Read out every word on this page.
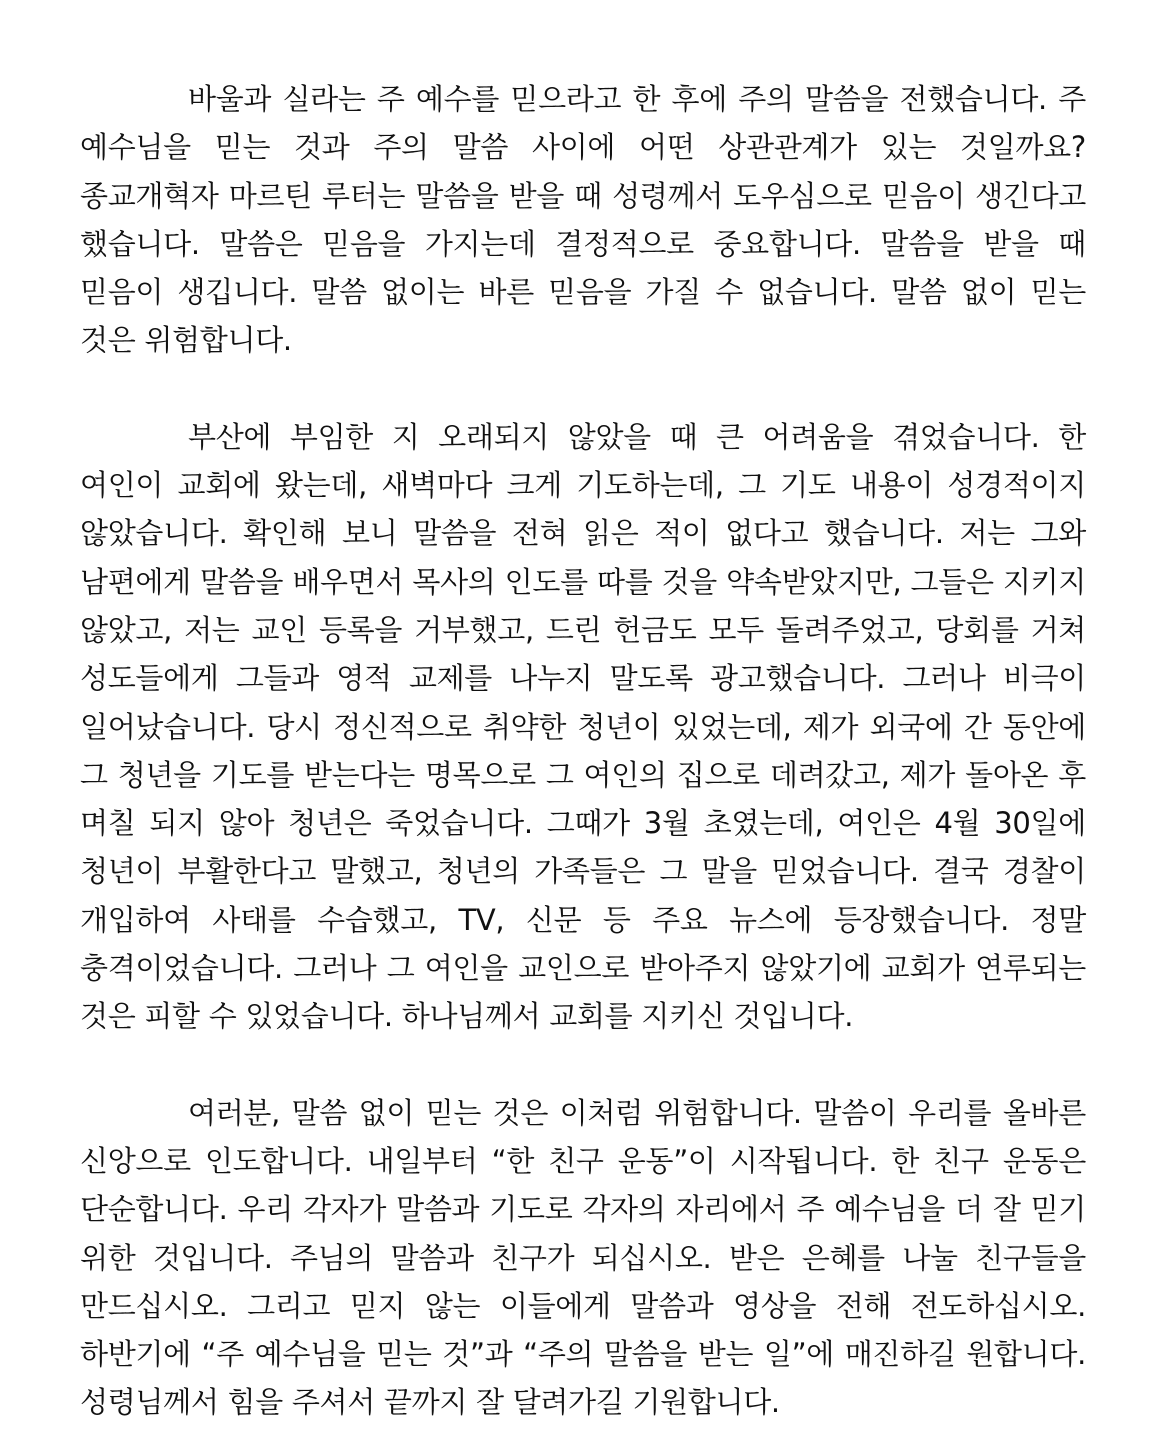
바울과 실라는 주 예수를 믿으라고 한 후에 주의 말씀을 전했습니다. 주 예수님을 믿는 것과 주의 말씀 사이에 어떤 상관관계가 있는 것일까요? 종교개혁자 마르틴 루터는 말씀을 받을 때 성령께서 도우심으로 믿음이 생긴다고 했습니다. 말씀은 믿음을 가지는데 결정적으로 중요합니다. 말씀을 받을 때 믿음이 생깁니다. 말씀 없이는 바른 믿음을 가질 수 없습니다. 말씀 없이 믿는 것은 위험합니다.

부산에 부임한 지 오래되지 않았을 때 큰 어려움을 겪었습니다. 한 여인이 교회에 왔는데, 새벽마다 크게 기도하는데, 그 기도 내용이 성경적이지 않았습니다. 확인해 보니 말씀을 전혀 읽은 적이 없다고 했습니다. 저는 그와 남편에게 말씀을 배우면서 목사의 인도를 따를 것을 약속받았지만, 그들은 지키지 않았고, 저는 교인 등록을 거부했고, 드린 헌금도 모두 돌려주었고, 당회를 거쳐 성도들에게 그들과 영적 교제를 나누지 말도록 광고했습니다. 그러나 비극이 일어났습니다. 당시 정신적으로 취약한 청년이 있었는데, 제가 외국에 간 동안에 그 청년을 기도를 받는다는 명목으로 그 여인의 집으로 데려갔고, 제가 돌아온 후 며칠 되지 않아 청년은 죽었습니다. 그때가 3월 초였는데, 여인은 4월 30일에 청년이 부활한다고 말했고, 청년의 가족들은 그 말을 믿었습니다. 결국 경찰이 개입하여 사태를 수습했고, TV, 신문 등 주요 뉴스에 등장했습니다. 정말 충격이었습니다. 그러나 그 여인을 교인으로 받아주지 않았기에 교회가 연루되는 것은 피할 수 있었습니다. 하나님께서 교회를 지키신 것입니다.

여러분, 말씀 없이 믿는 것은 이처럼 위험합니다. 말씀이 우리를 올바른 신앙으로 인도합니다. 내일부터 “한 친구 운동”이 시작됩니다. 한 친구 운동은 단순합니다. 우리 각자가 말씀과 기도로 각자의 자리에서 주 예수님을 더 잘 믿기 위한 것입니다. 주님의 말씀과 친구가 되십시오. 받은 은혜를 나눌 친구들을 만드십시오. 그리고 믿지 않는 이들에게 말씀과 영상을 전해 전도하십시오. 하반기에 “주 예수님을 믿는 것”과 “주의 말씀을 받는 일”에 매진하길 원합니다. 성령님께서 힘을 주셔서 끝까지 잘 달려가길 기원합니다.
